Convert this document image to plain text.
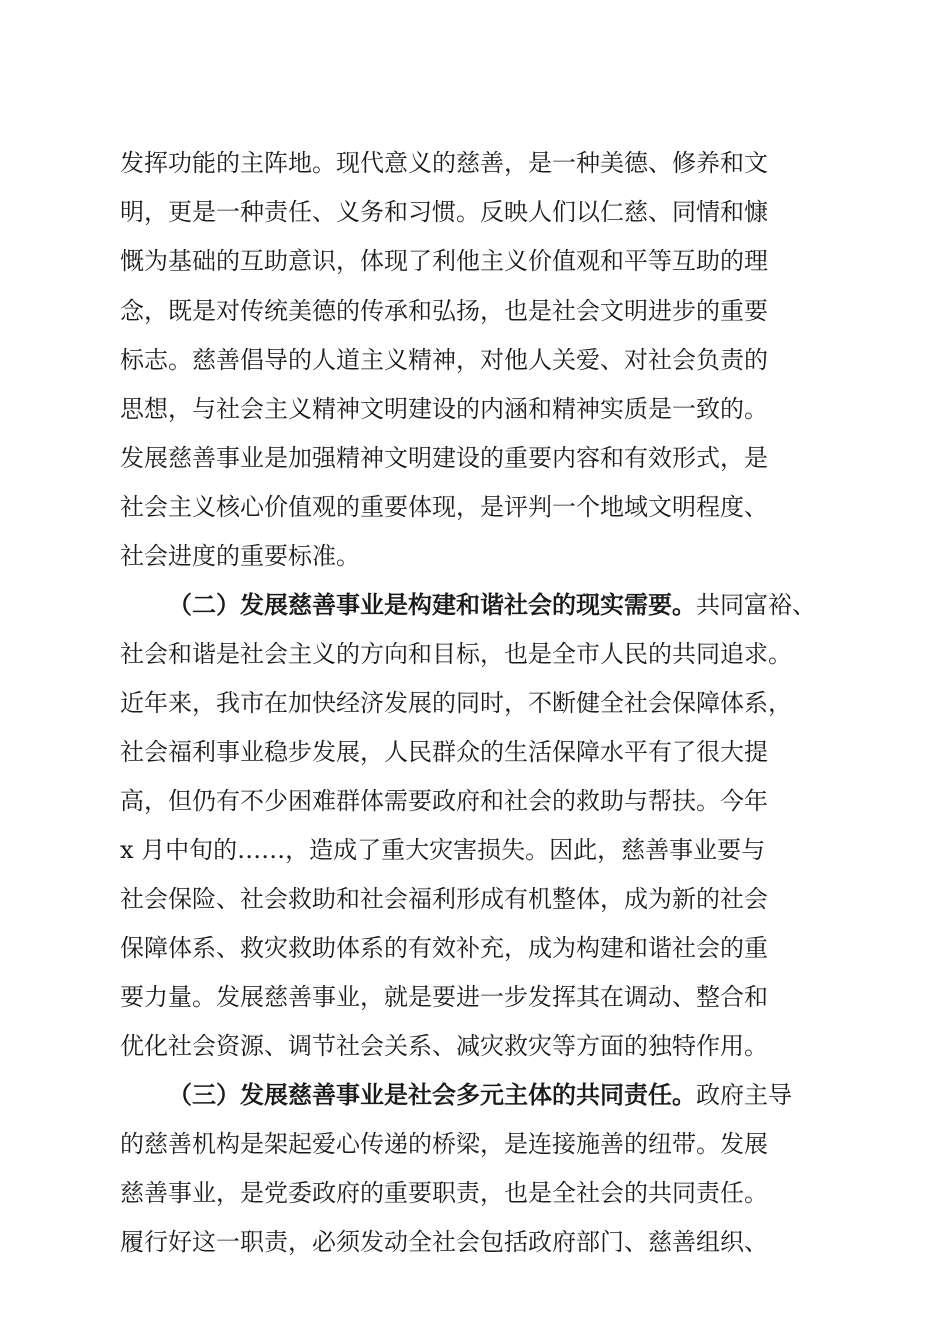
发挥功能的主阵地。现代意义的慈善，是一种美德、修养和文
明，更是一种责任、义务和习惯。反映人们以仁慈、同情和慷
慨为基础的互助意识，体现了利他主义价值观和平等互助的理
念，既是对传统美德的传承和弘扬，也是社会文明进步的重要
标志。慈善倡导的人道主义精神，对他人关爱、对社会负责的
思想，与社会主义精神文明建设的内涵和精神实质是一致的。
发展慈善事业是加强精神文明建设的重要内容和有效形式，是
社会主义核心价值观的重要体现，是评判一个地域文明程度、
社会进度的重要标准。
（二）发展慈善事业是构建和谐社会的现实需要。共同富裕、
社会和谐是社会主义的方向和目标，也是全市人民的共同追求。
近年来，我市在加快经济发展的同时，不断健全社会保障体系，
社会福利事业稳步发展，人民群众的生活保障水平有了很大提
高，但仍有不少困难群体需要政府和社会的救助与帮扶。今年
x 月中旬的……，造成了重大灾害损失。因此，慈善事业要与
社会保险、社会救助和社会福利形成有机整体，成为新的社会
保障体系、救灾救助体系的有效补充，成为构建和谐社会的重
要力量。发展慈善事业，就是要进一步发挥其在调动、整合和
优化社会资源、调节社会关系、减灾救灾等方面的独特作用。
（三）发展慈善事业是社会多元主体的共同责任。政府主导
的慈善机构是架起爱心传递的桥梁，是连接施善的纽带。发展
慈善事业，是党委政府的重要职责，也是全社会的共同责任。
履行好这一职责，必须发动全社会包括政府部门、慈善组织、
